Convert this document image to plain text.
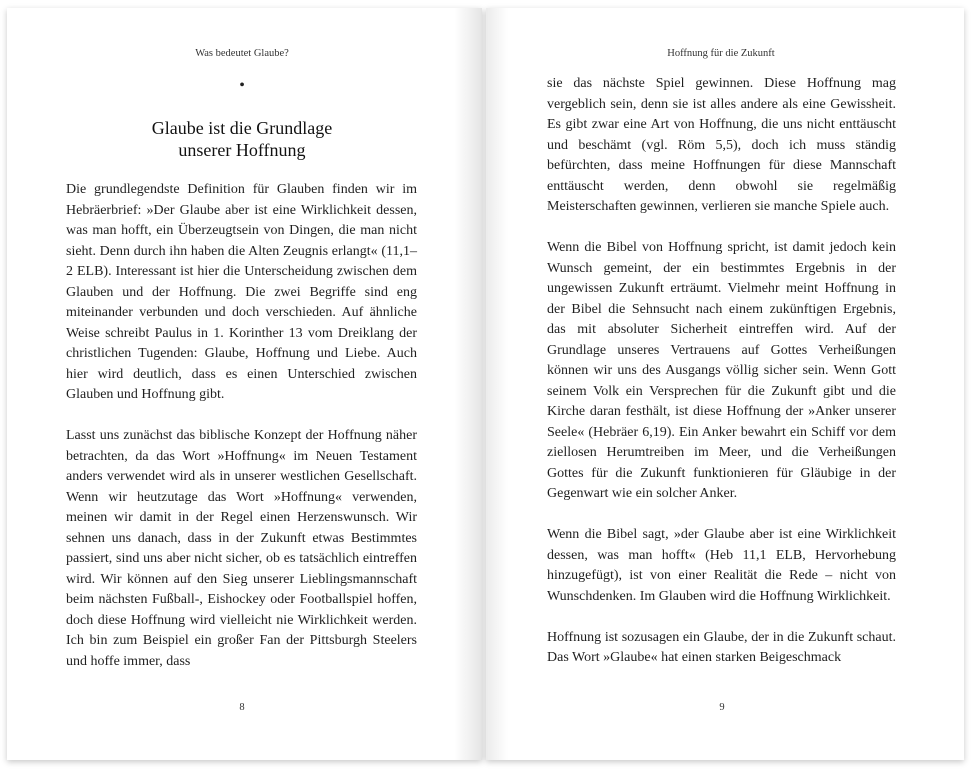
Was bedeutet Glaube?
•
Glaube ist die Grundlage unserer Hoffnung

Die grundlegendste Definition für Glauben finden wir im Hebräerbrief: »Der Glaube aber ist eine Wirklichkeit dessen, was man hofft, ein Überzeugtsein von Dingen, die man nicht sieht. Denn durch ihn haben die Alten Zeugnis erlangt« (11,1–2 ELB). Interessant ist hier die Unterscheidung zwischen dem Glauben und der Hoffnung. Die zwei Begriffe sind eng miteinander verbunden und doch verschieden. Auf ähnliche Weise schreibt Paulus in 1. Korinther 13 vom Dreiklang der christlichen Tugenden: Glaube, Hoffnung und Liebe. Auch hier wird deutlich, dass es einen Unterschied zwischen Glauben und Hoffnung gibt.

Lasst uns zunächst das biblische Konzept der Hoffnung näher betrachten, da das Wort »Hoffnung« im Neuen Testament anders verwendet wird als in unserer westlichen Gesellschaft. Wenn wir heutzutage das Wort »Hoffnung« verwenden, meinen wir damit in der Regel einen Herzenswunsch. Wir sehnen uns danach, dass in der Zukunft etwas Bestimmtes passiert, sind uns aber nicht sicher, ob es tatsächlich eintreffen wird. Wir können auf den Sieg unserer Lieblingsmannschaft beim nächsten Fußball-, Eishockey oder Footballspiel hoffen, doch diese Hoffnung wird vielleicht nie Wirklichkeit werden. Ich bin zum Beispiel ein großer Fan der Pittsburgh Steelers und hoffe immer, dass

8
Hoffnung für die Zukunft

sie das nächste Spiel gewinnen. Diese Hoffnung mag vergeblich sein, denn sie ist alles andere als eine Gewissheit. Es gibt zwar eine Art von Hoffnung, die uns nicht enttäuscht und beschämt (vgl. Röm 5,5), doch ich muss ständig befürchten, dass meine Hoffnungen für diese Mannschaft enttäuscht werden, denn obwohl sie regelmäßig Meisterschaften gewinnen, verlieren sie manche Spiele auch.

Wenn die Bibel von Hoffnung spricht, ist damit jedoch kein Wunsch gemeint, der ein bestimmtes Ergebnis in der ungewissen Zukunft erträumt. Vielmehr meint Hoffnung in der Bibel die Sehnsucht nach einem zukünftigen Ergebnis, das mit absoluter Sicherheit eintreffen wird. Auf der Grundlage unseres Vertrauens auf Gottes Verheißungen können wir uns des Ausgangs völlig sicher sein. Wenn Gott seinem Volk ein Versprechen für die Zukunft gibt und die Kirche daran festhält, ist diese Hoffnung der »Anker unserer Seele« (Hebräer 6,19). Ein Anker bewahrt ein Schiff vor dem ziellosen Herumtreiben im Meer, und die Verheißungen Gottes für die Zukunft funktionieren für Gläubige in der Gegenwart wie ein solcher Anker.

Wenn die Bibel sagt, »der Glaube aber ist eine Wirklichkeit dessen, was man hofft« (Heb 11,1 ELB, Hervorhebung hinzugefügt), ist von einer Realität die Rede – nicht von Wunschdenken. Im Glauben wird die Hoffnung Wirklichkeit.

Hoffnung ist sozusagen ein Glaube, der in die Zukunft schaut. Das Wort »Glaube« hat einen starken Beigeschmack

9
